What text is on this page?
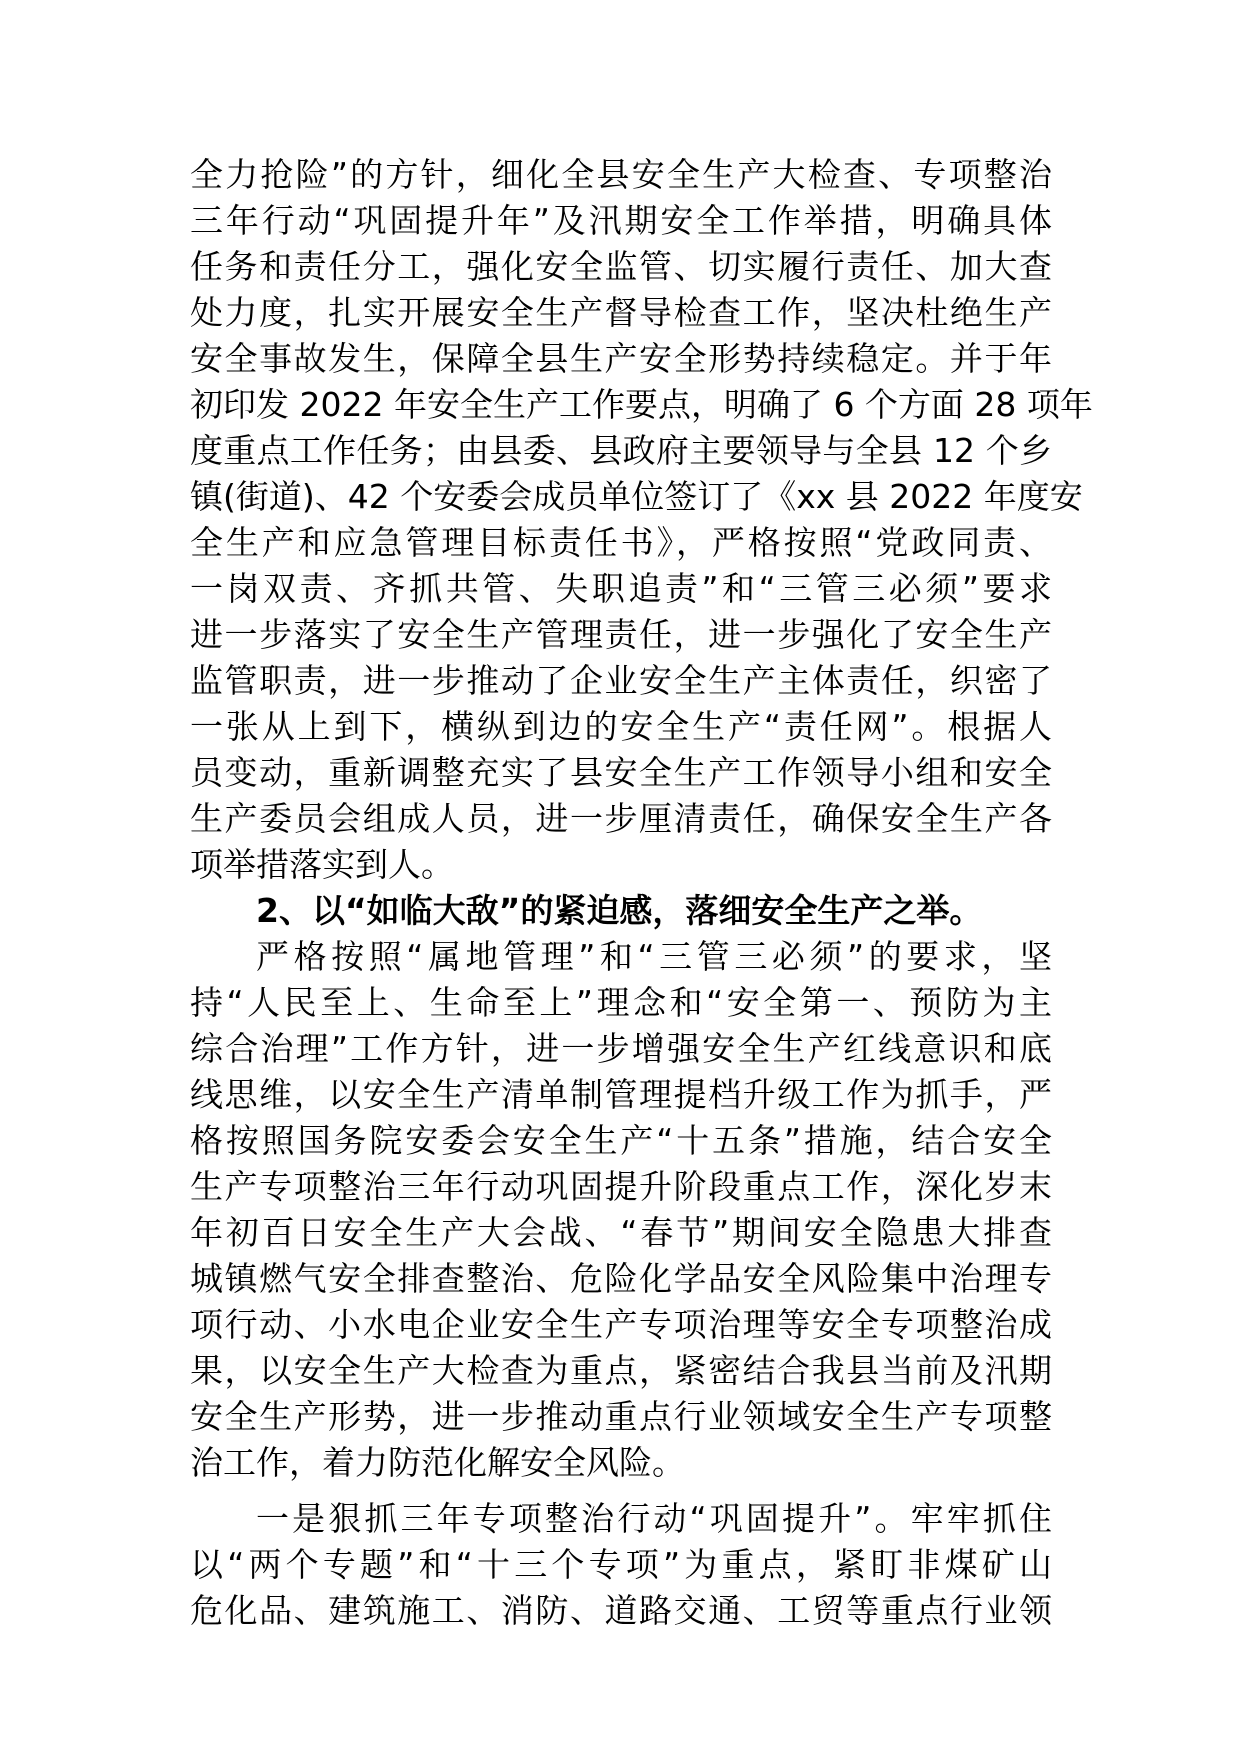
全力抢险”的方针，细化全县安全生产大检查、专项整治
三年行动“巩固提升年”及汛期安全工作举措，明确具体
任务和责任分工，强化安全监管、切实履行责任、加大查
处力度，扎实开展安全生产督导检查工作，坚决杜绝生产
安全事故发生，保障全县生产安全形势持续稳定。并于年
初印发 2022 年安全生产工作要点，明确了 6 个方面 28 项年
度重点工作任务；由县委、县政府主要领导与全县 12 个乡
镇(街道)、42 个安委会成员单位签订了《xx 县 2022 年度安
全生产和应急管理目标责任书》，严格按照“党政同责、
一岗双责、齐抓共管、失职追责”和“三管三必须”要求
进一步落实了安全生产管理责任，进一步强化了安全生产
监管职责，进一步推动了企业安全生产主体责任，织密了
一张从上到下，横纵到边的安全生产“责任网”。根据人
员变动，重新调整充实了县安全生产工作领导小组和安全
生产委员会组成人员，进一步厘清责任，确保安全生产各
项举措落实到人。
2、以“如临大敌”的紧迫感，落细安全生产之举。
严格按照“属地管理”和“三管三必须”的要求，坚
持“人民至上、生命至上”理念和“安全第一、预防为主
综合治理”工作方针，进一步增强安全生产红线意识和底
线思维，以安全生产清单制管理提档升级工作为抓手，严
格按照国务院安委会安全生产“十五条”措施，结合安全
生产专项整治三年行动巩固提升阶段重点工作，深化岁末
年初百日安全生产大会战、“春节”期间安全隐患大排查
城镇燃气安全排查整治、危险化学品安全风险集中治理专
项行动、小水电企业安全生产专项治理等安全专项整治成
果，以安全生产大检查为重点，紧密结合我县当前及汛期
安全生产形势，进一步推动重点行业领域安全生产专项整
治工作，着力防范化解安全风险。
一是狠抓三年专项整治行动“巩固提升”。牢牢抓住
以“两个专题”和“十三个专项”为重点，紧盯非煤矿山
危化品、建筑施工、消防、道路交通、工贸等重点行业领
